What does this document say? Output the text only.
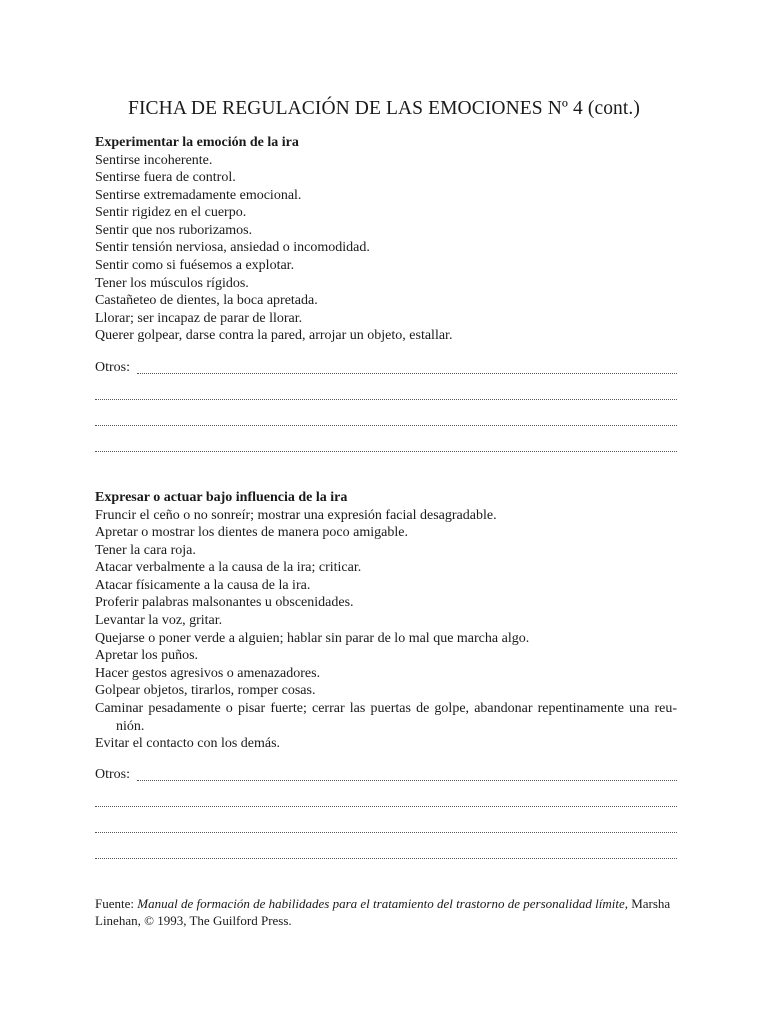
FICHA DE REGULACIÓN DE LAS EMOCIONES Nº 4 (cont.)
Experimentar la emoción de la ira
Sentirse incoherente.
Sentirse fuera de control.
Sentirse extremadamente emocional.
Sentir rigidez en el cuerpo.
Sentir que nos ruborizamos.
Sentir tensión nerviosa, ansiedad o incomodidad.
Sentir como si fuésemos a explotar.
Tener los músculos rígidos.
Castañeteo de dientes, la boca apretada.
Llorar; ser incapaz de parar de llorar.
Querer golpear, darse contra la pared, arrojar un objeto, estallar.
Otros:
Expresar o actuar bajo influencia de la ira
Fruncir el ceño o no sonreír; mostrar una expresión facial desagradable.
Apretar o mostrar los dientes de manera poco amigable.
Tener la cara roja.
Atacar verbalmente a la causa de la ira; criticar.
Atacar físicamente a la causa de la ira.
Proferir palabras malsonantes u obscenidades.
Levantar la voz, gritar.
Quejarse o poner verde a alguien; hablar sin parar de lo mal que marcha algo.
Apretar los puños.
Hacer gestos agresivos o amenazadores.
Golpear objetos, tirarlos, romper cosas.
Caminar pesadamente o pisar fuerte; cerrar las puertas de golpe, abandonar repentinamente una reu-nión.
Evitar el contacto con los demás.
Otros:
Fuente: Manual de formación de habilidades para el tratamiento del trastorno de personalidad límite, Marsha Linehan, © 1993, The Guilford Press.
